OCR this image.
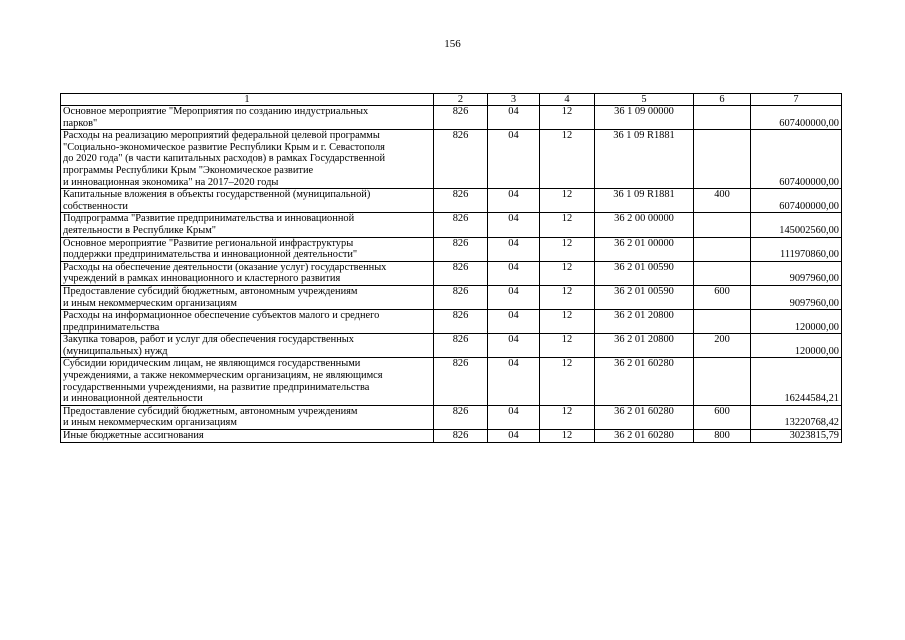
156
1	2	3	4	5	6	7
Основное мероприятие "Мероприятия по созданию индустриальных
парков"	826	04	12	36 1 09 00000		607400000,00
Расходы на реализацию мероприятий федеральной целевой программы
"Социально-экономическое развитие Республики Крым и г. Севастополя
до 2020 года" (в части капитальных расходов) в рамках Государственной
программы Республики Крым "Экономическое развитие
и инновационная экономика" на 2017–2020 годы	826	04	12	36 1 09 R1881		607400000,00
Капитальные вложения в объекты государственной (муниципальной)
собственности	826	04	12	36 1 09 R1881	400	607400000,00
Подпрограмма "Развитие предпринимательства и инновационной
деятельности в Республике Крым"	826	04	12	36 2 00 00000		145002560,00
Основное мероприятие "Развитие региональной инфраструктуры
поддержки предпринимательства и инновационной деятельности"	826	04	12	36 2 01 00000		111970860,00
Расходы на обеспечение деятельности (оказание услуг) государственных
учреждений в рамках инновационного и кластерного развития	826	04	12	36 2 01 00590		9097960,00
Предоставление субсидий бюджетным, автономным учреждениям
и иным некоммерческим организациям	826	04	12	36 2 01 00590	600	9097960,00
Расходы на информационное обеспечение субъектов малого и среднего
предпринимательства	826	04	12	36 2 01 20800		120000,00
Закупка товаров, работ и услуг для обеспечения государственных
(муниципальных) нужд	826	04	12	36 2 01 20800	200	120000,00
Субсидии юридическим лицам, не являющимся государственными
учреждениями, а также некоммерческим организациям, не являющимся
государственными учреждениями, на развитие предпринимательства
и инновационной деятельности	826	04	12	36 2 01 60280		16244584,21
Предоставление субсидий бюджетным, автономным учреждениям
и иным некоммерческим организациям	826	04	12	36 2 01 60280	600	13220768,42
Иные бюджетные ассигнования	826	04	12	36 2 01 60280	800	3023815,79
